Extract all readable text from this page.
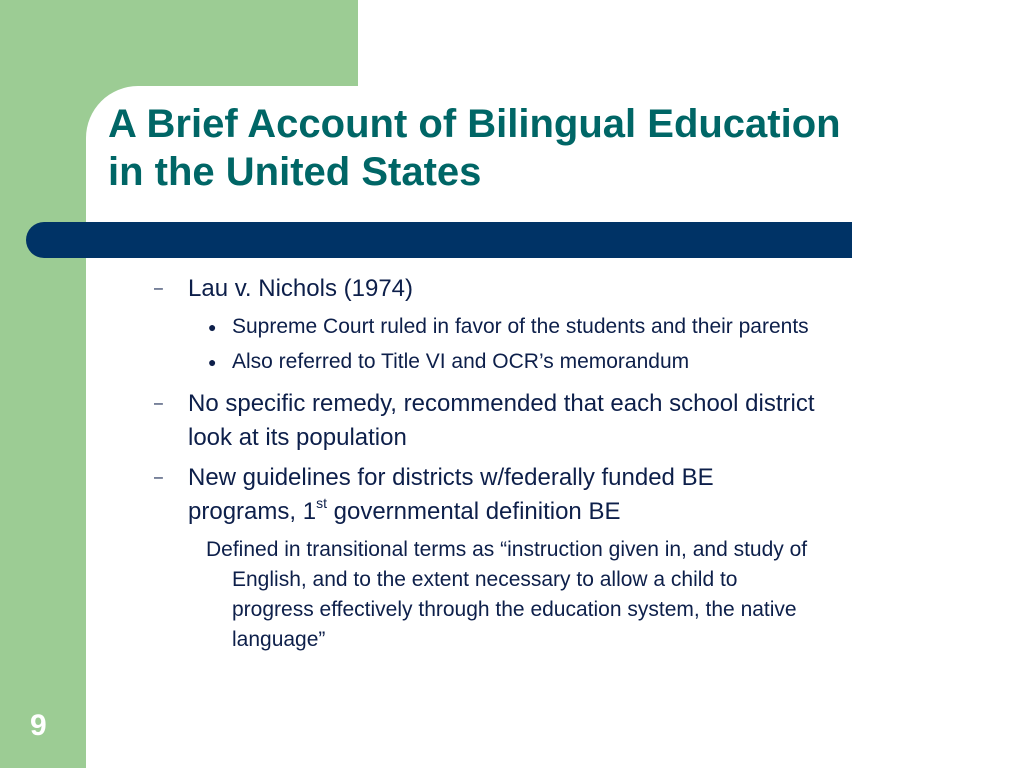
A Brief Account of Bilingual Education
in the United States
– Lau v. Nichols (1974)
● Supreme Court ruled in favor of the students and their parents
● Also referred to Title VI and OCR’s memorandum
– No specific remedy, recommended that each school district
look at its population
– New guidelines for districts w/federally funded BE
programs, 1st governmental definition BE
Defined in transitional terms as “instruction given in, and study of
English, and to the extent necessary to allow a child to
progress effectively through the education system, the native
language”
9
